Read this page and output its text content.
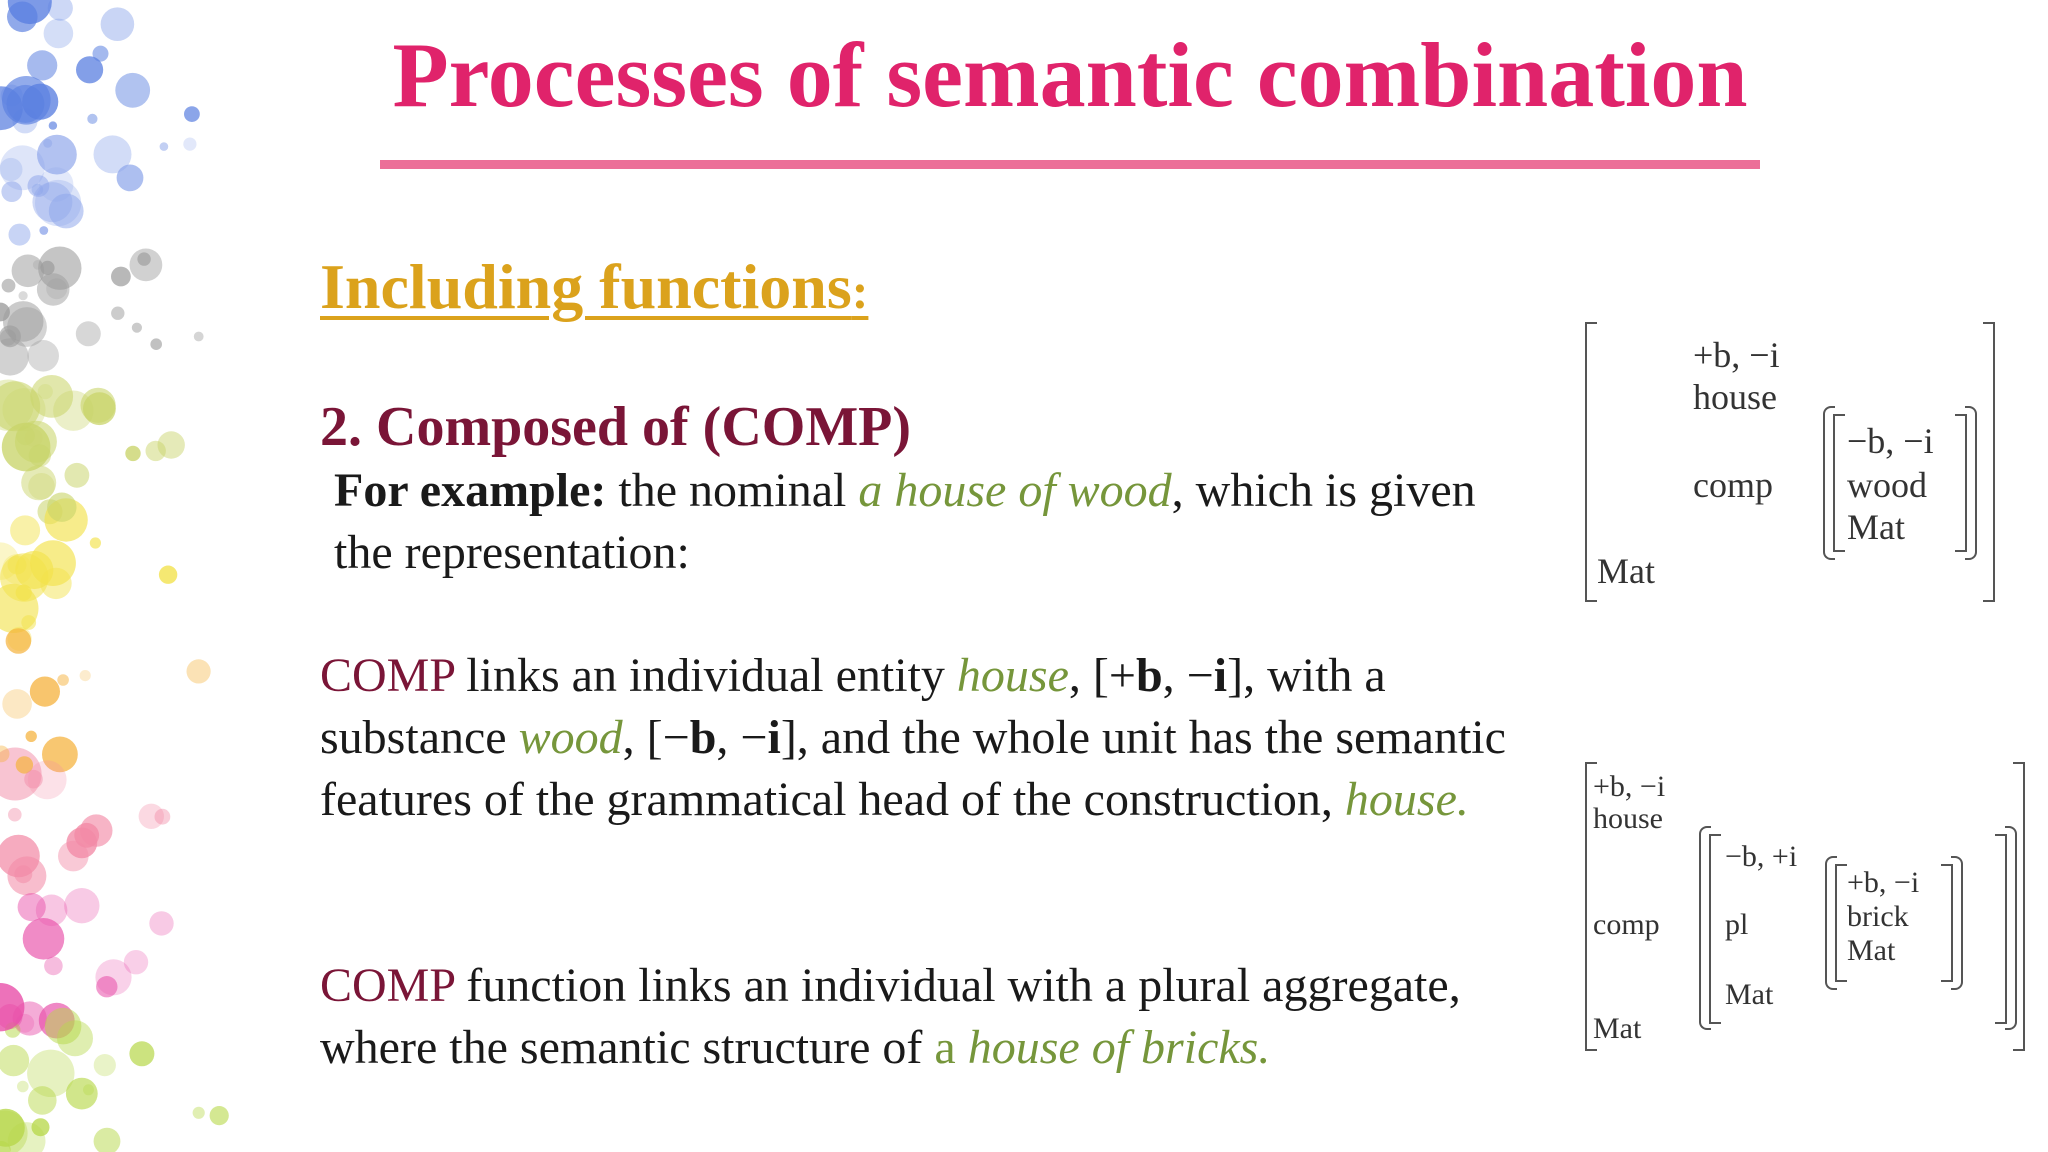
Processes of semantic combination
Including functions:
2. Composed of (COMP)
For example: the nominal a house of wood, which is given the representation:
COMP links an individual entity house, [+b, −i], with a substance wood, [−b, −i], and the whole unit has the semantic features of the grammatical head of the construction, house.
COMP function links an individual with a plural aggregate, where the semantic structure of a house of bricks.
+b, −i
house
comp
Mat
−b, −i
wood
Mat
+b, −i
house
comp
Mat
−b, +i
pl
Mat
+b, −i
brick
Mat
